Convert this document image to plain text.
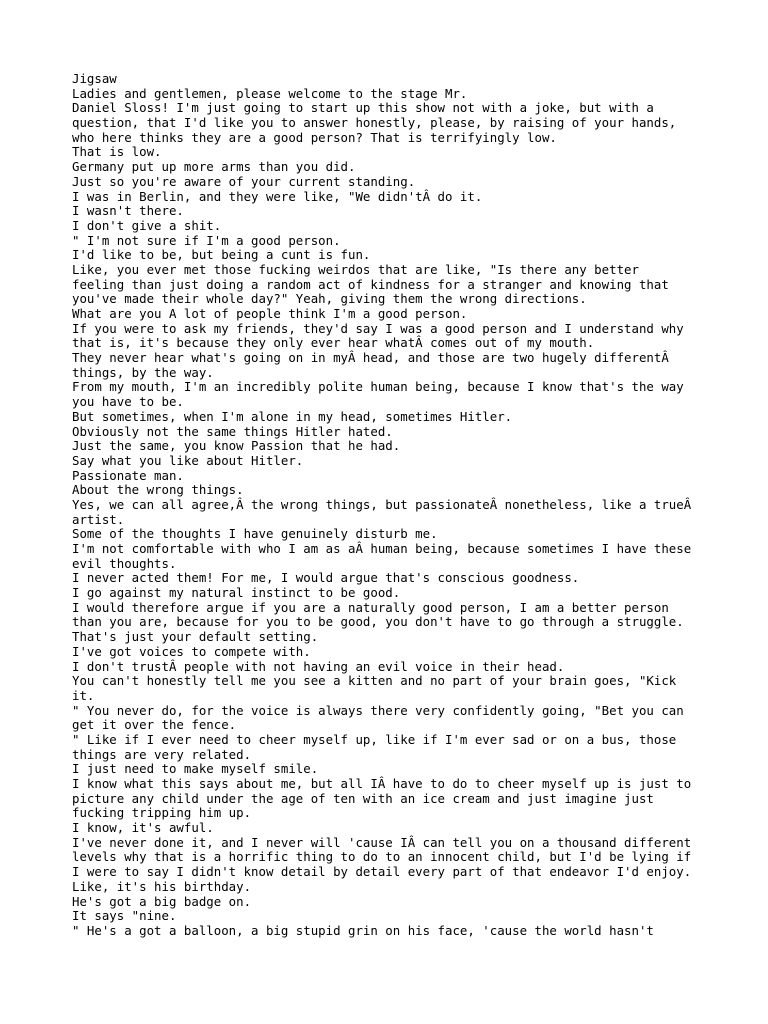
Jigsaw

Ladies and gentlemen, please welcome to the stage Mr.

Daniel Sloss! I'm just going to start up this show not with a joke, but with a

question, that I'd like you to answer honestly, please, by raising of your hands,

who here thinks they are a good person? That is terrifyingly low.

That is low.

Germany put up more arms than you did.

Just so you're aware of your current standing.

I was in Berlin, and they were like, "We didn'tÂ do it.

I wasn't there.

I don't give a shit.

" I'm not sure if I'm a good person.

I'd like to be, but being a cunt is fun.

Like, you ever met those fucking weirdos that are like, "Is there any better

feeling than just doing a random act of kindness for a stranger and knowing that

you've made their whole day?" Yeah, giving them the wrong directions.

What are you A lot of people think I'm a good person.

If you were to ask my friends, they'd say I was a good person and I understand why

that is, it's because they only ever hear whatÂ comes out of my mouth.

They never hear what's going on in myÂ head, and those are two hugely differentÂ

things, by the way.

From my mouth, I'm an incredibly polite human being, because I know that's the way

you have to be.

But sometimes, when I'm alone in my head, sometimes Hitler.

Obviously not the same things Hitler hated.

Just the same, you know Passion that he had.

Say what you like about Hitler.

Passionate man.

About the wrong things.

Yes, we can all agree,Â the wrong things, but passionateÂ nonetheless, like a trueÂ

artist.

Some of the thoughts I have genuinely disturb me.

I'm not comfortable with who I am as aÂ human being, because sometimes I have these

evil thoughts.

I never acted them! For me, I would argue that's conscious goodness.

I go against my natural instinct to be good.

I would therefore argue if you are a naturally good person, I am a better person

than you are, because for you to be good, you don't have to go through a struggle.

That's just your default setting.

I've got voices to compete with.

I don't trustÂ people with not having an evil voice in their head.

You can't honestly tell me you see a kitten and no part of your brain goes, "Kick

it.

" You never do, for the voice is always there very confidently going, "Bet you can

get it over the fence.

" Like if I ever need to cheer myself up, like if I'm ever sad or on a bus, those

things are very related.

I just need to make myself smile.

I know what this says about me, but all IÂ have to do to cheer myself up is just to

picture any child under the age of ten with an ice cream and just imagine just

fucking tripping him up.

I know, it's awful.

I've never done it, and I never will 'cause IÂ can tell you on a thousand different

levels why that is a horrific thing to do to an innocent child, but I'd be lying if

I were to say I didn't know detail by detail every part of that endeavor I'd enjoy.

Like, it's his birthday.

He's got a big badge on.

It says "nine.

" He's a got a balloon, a big stupid grin on his face, 'cause the world hasn't
